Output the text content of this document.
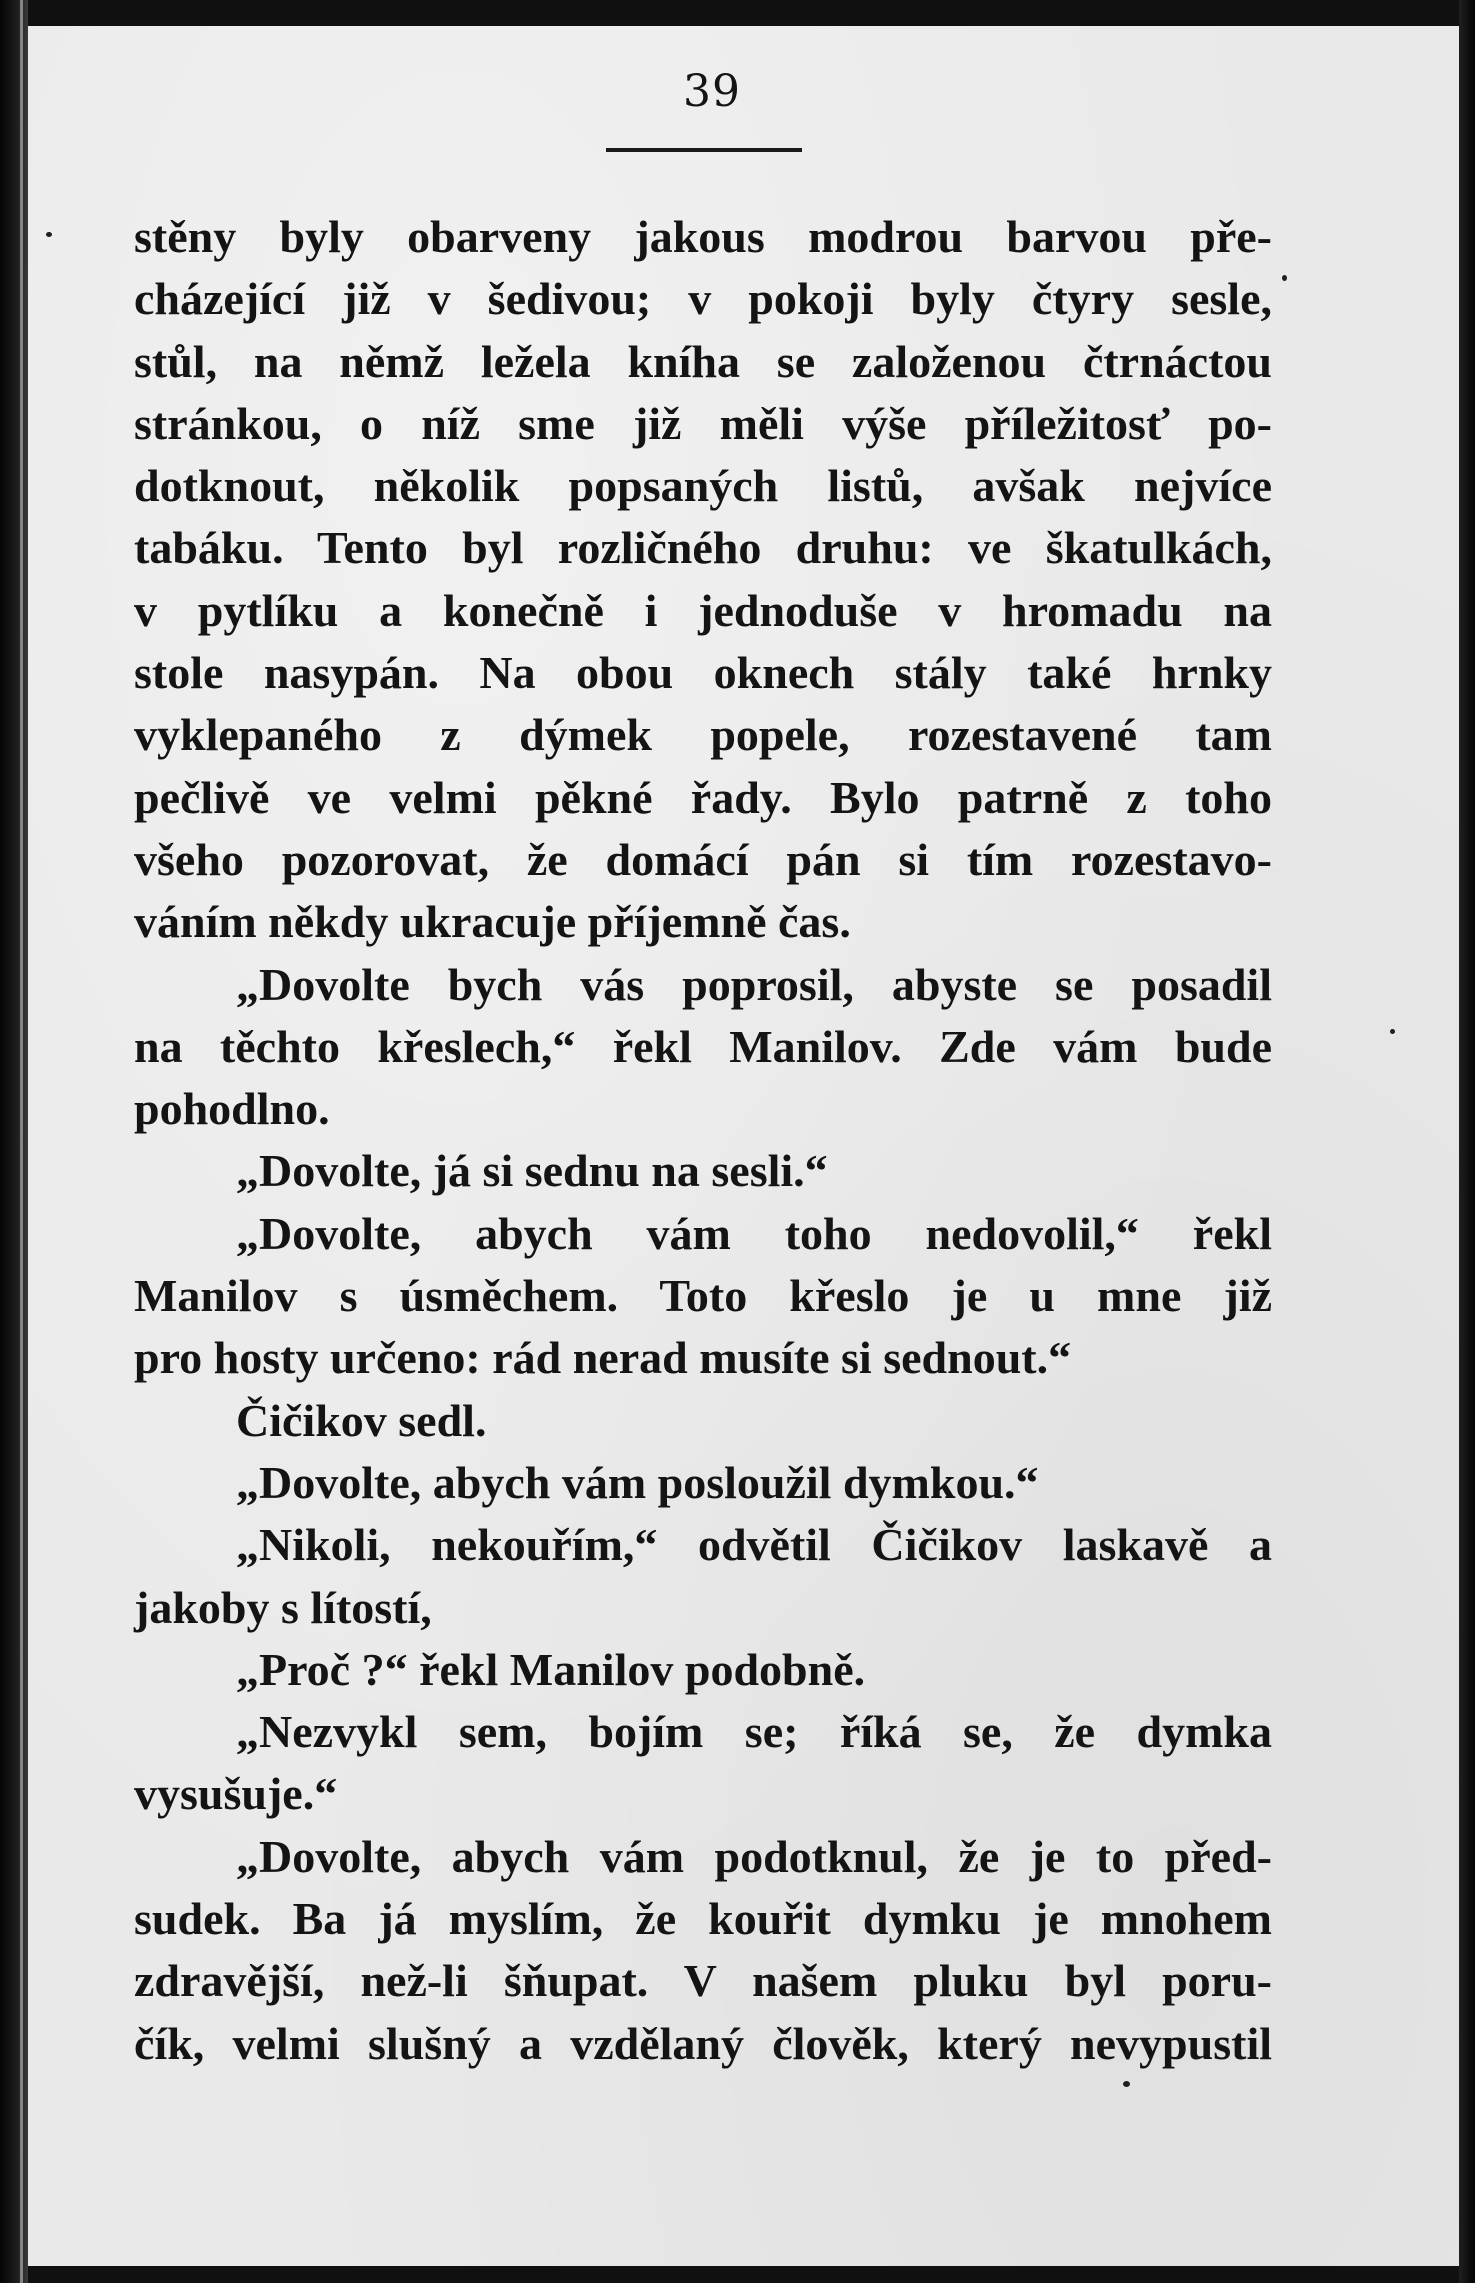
39
stěny byly obarveny jakous modrou barvou pře-
cházející již v šedivou; v pokoji byly čtyry sesle,
stůl, na němž ležela kníha se založenou čtrnáctou
stránkou, o níž sme již měli výše příležitosť po-
dotknout, několik popsaných listů, avšak nejvíce
tabáku. Tento byl rozličného druhu: ve škatulkách,
v pytlíku a konečně i jednoduše v hromadu na
stole nasypán. Na obou oknech stály také hrnky
vyklepaného z dýmek popele, rozestavené tam
pečlivě ve velmi pěkné řady. Bylo patrně z toho
všeho pozorovat, že domácí pán si tím rozestavo-
váním někdy ukracuje příjemně čas.
„Dovolte bych vás poprosil, abyste se posadil
na těchto křeslech,“ řekl Manilov. Zde vám bude
pohodlno.
„Dovolte, já si sednu na sesli.“
„Dovolte, abych vám toho nedovolil,“ řekl
Manilov s úsměchem. Toto křeslo je u mne již
pro hosty určeno: rád nerad musíte si sednout.“
Čičikov sedl.
„Dovolte, abych vám posloužil dymkou.“
„Nikoli, nekouřím,“ odvětil Čičikov laskavě a
jakoby s lítostí,
„Proč ?“ řekl Manilov podobně.
„Nezvykl sem, bojím se; říká se, že dymka
vysušuje.“
„Dovolte, abych vám podotknul, že je to před-
sudek. Ba já myslím, že kouřit dymku je mnohem
zdravější, než-li šňupat. V našem pluku byl poru-
čík, velmi slušný a vzdělaný člověk, který nevypustil
